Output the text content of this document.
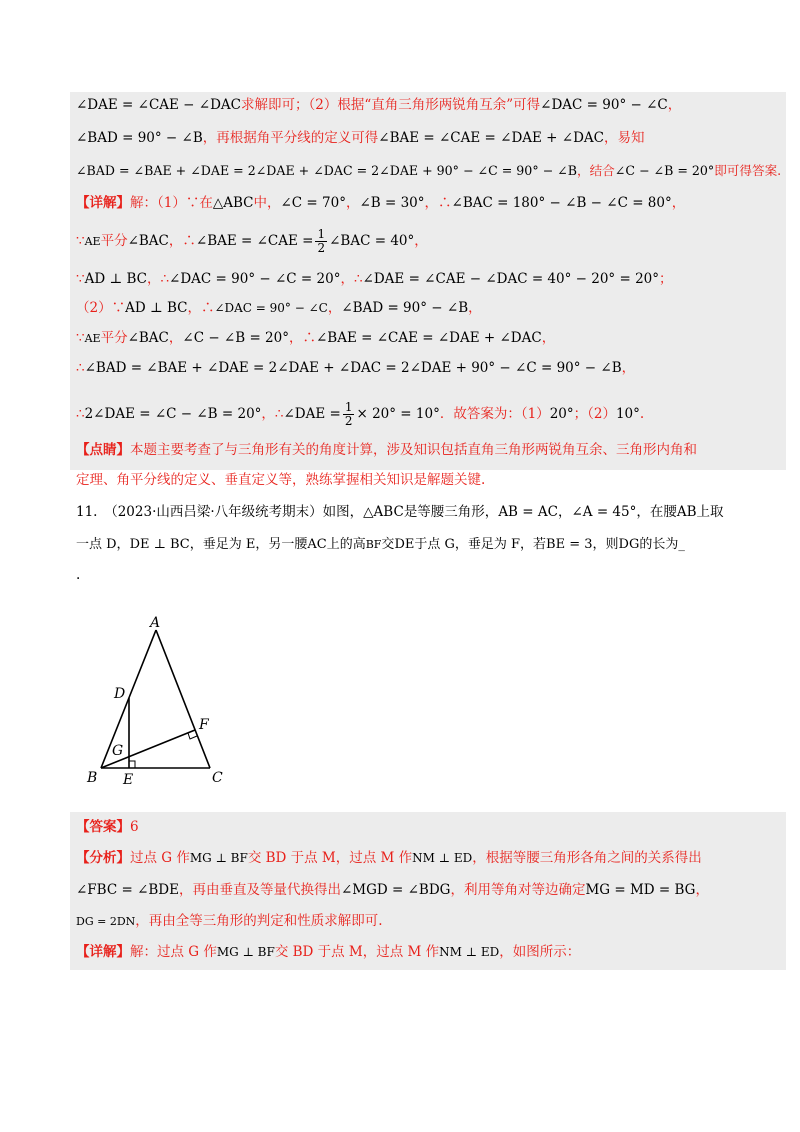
∠DAE = ∠CAE − ∠DAC求解即可；（2）根据“直角三角形两锐角互余”可得∠DAC = 90° − ∠C，
∠BAD = 90° − ∠B，再根据角平分线的定义可得∠BAE = ∠CAE = ∠DAE + ∠DAC，易知
∠BAD = ∠BAE + ∠DAE = 2∠DAE + ∠DAC = 2∠DAE + 90° − ∠C = 90° − ∠B，结合∠C − ∠B = 20°即可得答案.
【详解】解：（1）∵在△ABC中，∠C = 70°，∠B = 30°，∴∠BAC = 180° − ∠B − ∠C = 80°，
∵AE平分∠BAC，∴∠BAE = ∠CAE = $\frac{1}{2}$ ∠BAC = 40°，
∵AD ⊥ BC，∴∠DAC = 90° − ∠C = 20°，∴∠DAE = ∠CAE − ∠DAC = 40° − 20° = 20°；
（2）∵AD ⊥ BC，∴∠DAC = 90° − ∠C，∠BAD = 90° − ∠B，
∵AE平分∠BAC，∠C − ∠B = 20°，∴∠BAE = ∠CAE = ∠DAE + ∠DAC，
∴∠BAD = ∠BAE + ∠DAE = 2∠DAE + ∠DAC = 2∠DAE + 90° − ∠C = 90° − ∠B，
∴2∠DAE = ∠C − ∠B = 20°，∴∠DAE = $\frac{1}{2} \times 20^\circ = 10^\circ$．故答案为：（1）20°；（2）10°.
【点睛】本题主要考查了与三角形有关的角度计算，涉及知识包括直角三角形两锐角互余、三角形内角和
定理、角平分线的定义、垂直定义等，熟练掌握相关知识是解题关键.
11.　（2023·山西吕梁·八年级统考期末）如图，△ABC是等腰三角形，AB = AC，∠A = 45°，在腰AB上取
一点 D，DE ⊥ BC，垂足为 E，另一腰AC上的高BF交DE于点 G，垂足为 F，若BE = 3，则DG的长为_
.
A
B	C
D
E
F
G
【答案】6
【分析】过点 G 作MG ⊥ BF交 BD 于点 M，过点 M 作NM ⊥ ED，根据等腰三角形各角之间的关系得出
∠FBC = ∠BDE，再由垂直及等量代换得出∠MGD = ∠BDG，利用等角对等边确定MG = MD = BG，
DG = 2DN，再由全等三角形的判定和性质求解即可.
【详解】解：过点 G 作MG ⊥ BF交 BD 于点 M，过点 M 作NM ⊥ ED，如图所示：
